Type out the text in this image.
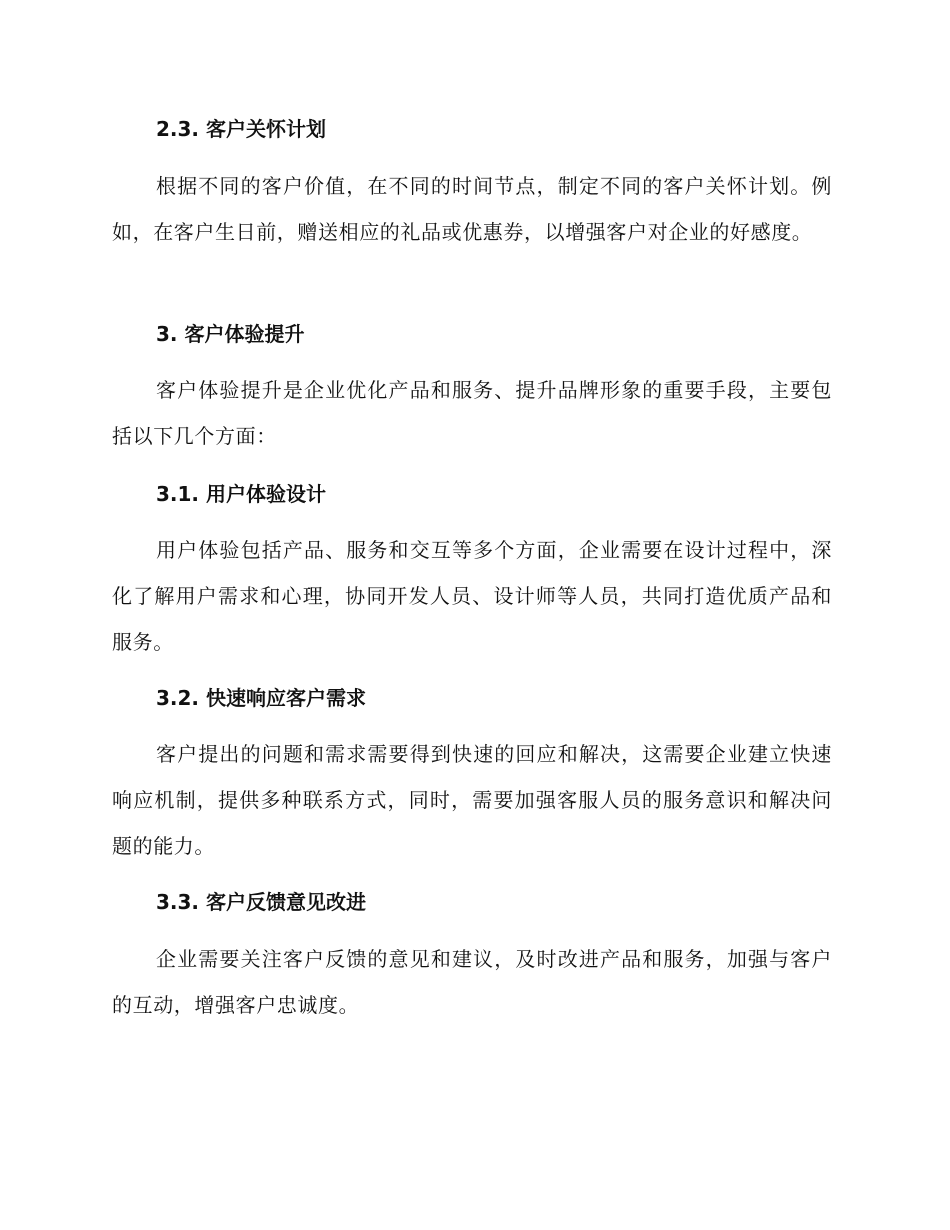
2.3. 客户关怀计划
根据不同的客户价值，在不同的时间节点，制定不同的客户关怀计划。例如，在客户生日前，赠送相应的礼品或优惠券，以增强客户对企业的好感度。
3. 客户体验提升
客户体验提升是企业优化产品和服务、提升品牌形象的重要手段，主要包括以下几个方面：
3.1. 用户体验设计
用户体验包括产品、服务和交互等多个方面，企业需要在设计过程中，深化了解用户需求和心理，协同开发人员、设计师等人员，共同打造优质产品和服务。
3.2. 快速响应客户需求
客户提出的问题和需求需要得到快速的回应和解决，这需要企业建立快速响应机制，提供多种联系方式，同时，需要加强客服人员的服务意识和解决问题的能力。
3.3. 客户反馈意见改进
企业需要关注客户反馈的意见和建议，及时改进产品和服务，加强与客户的互动，增强客户忠诚度。
